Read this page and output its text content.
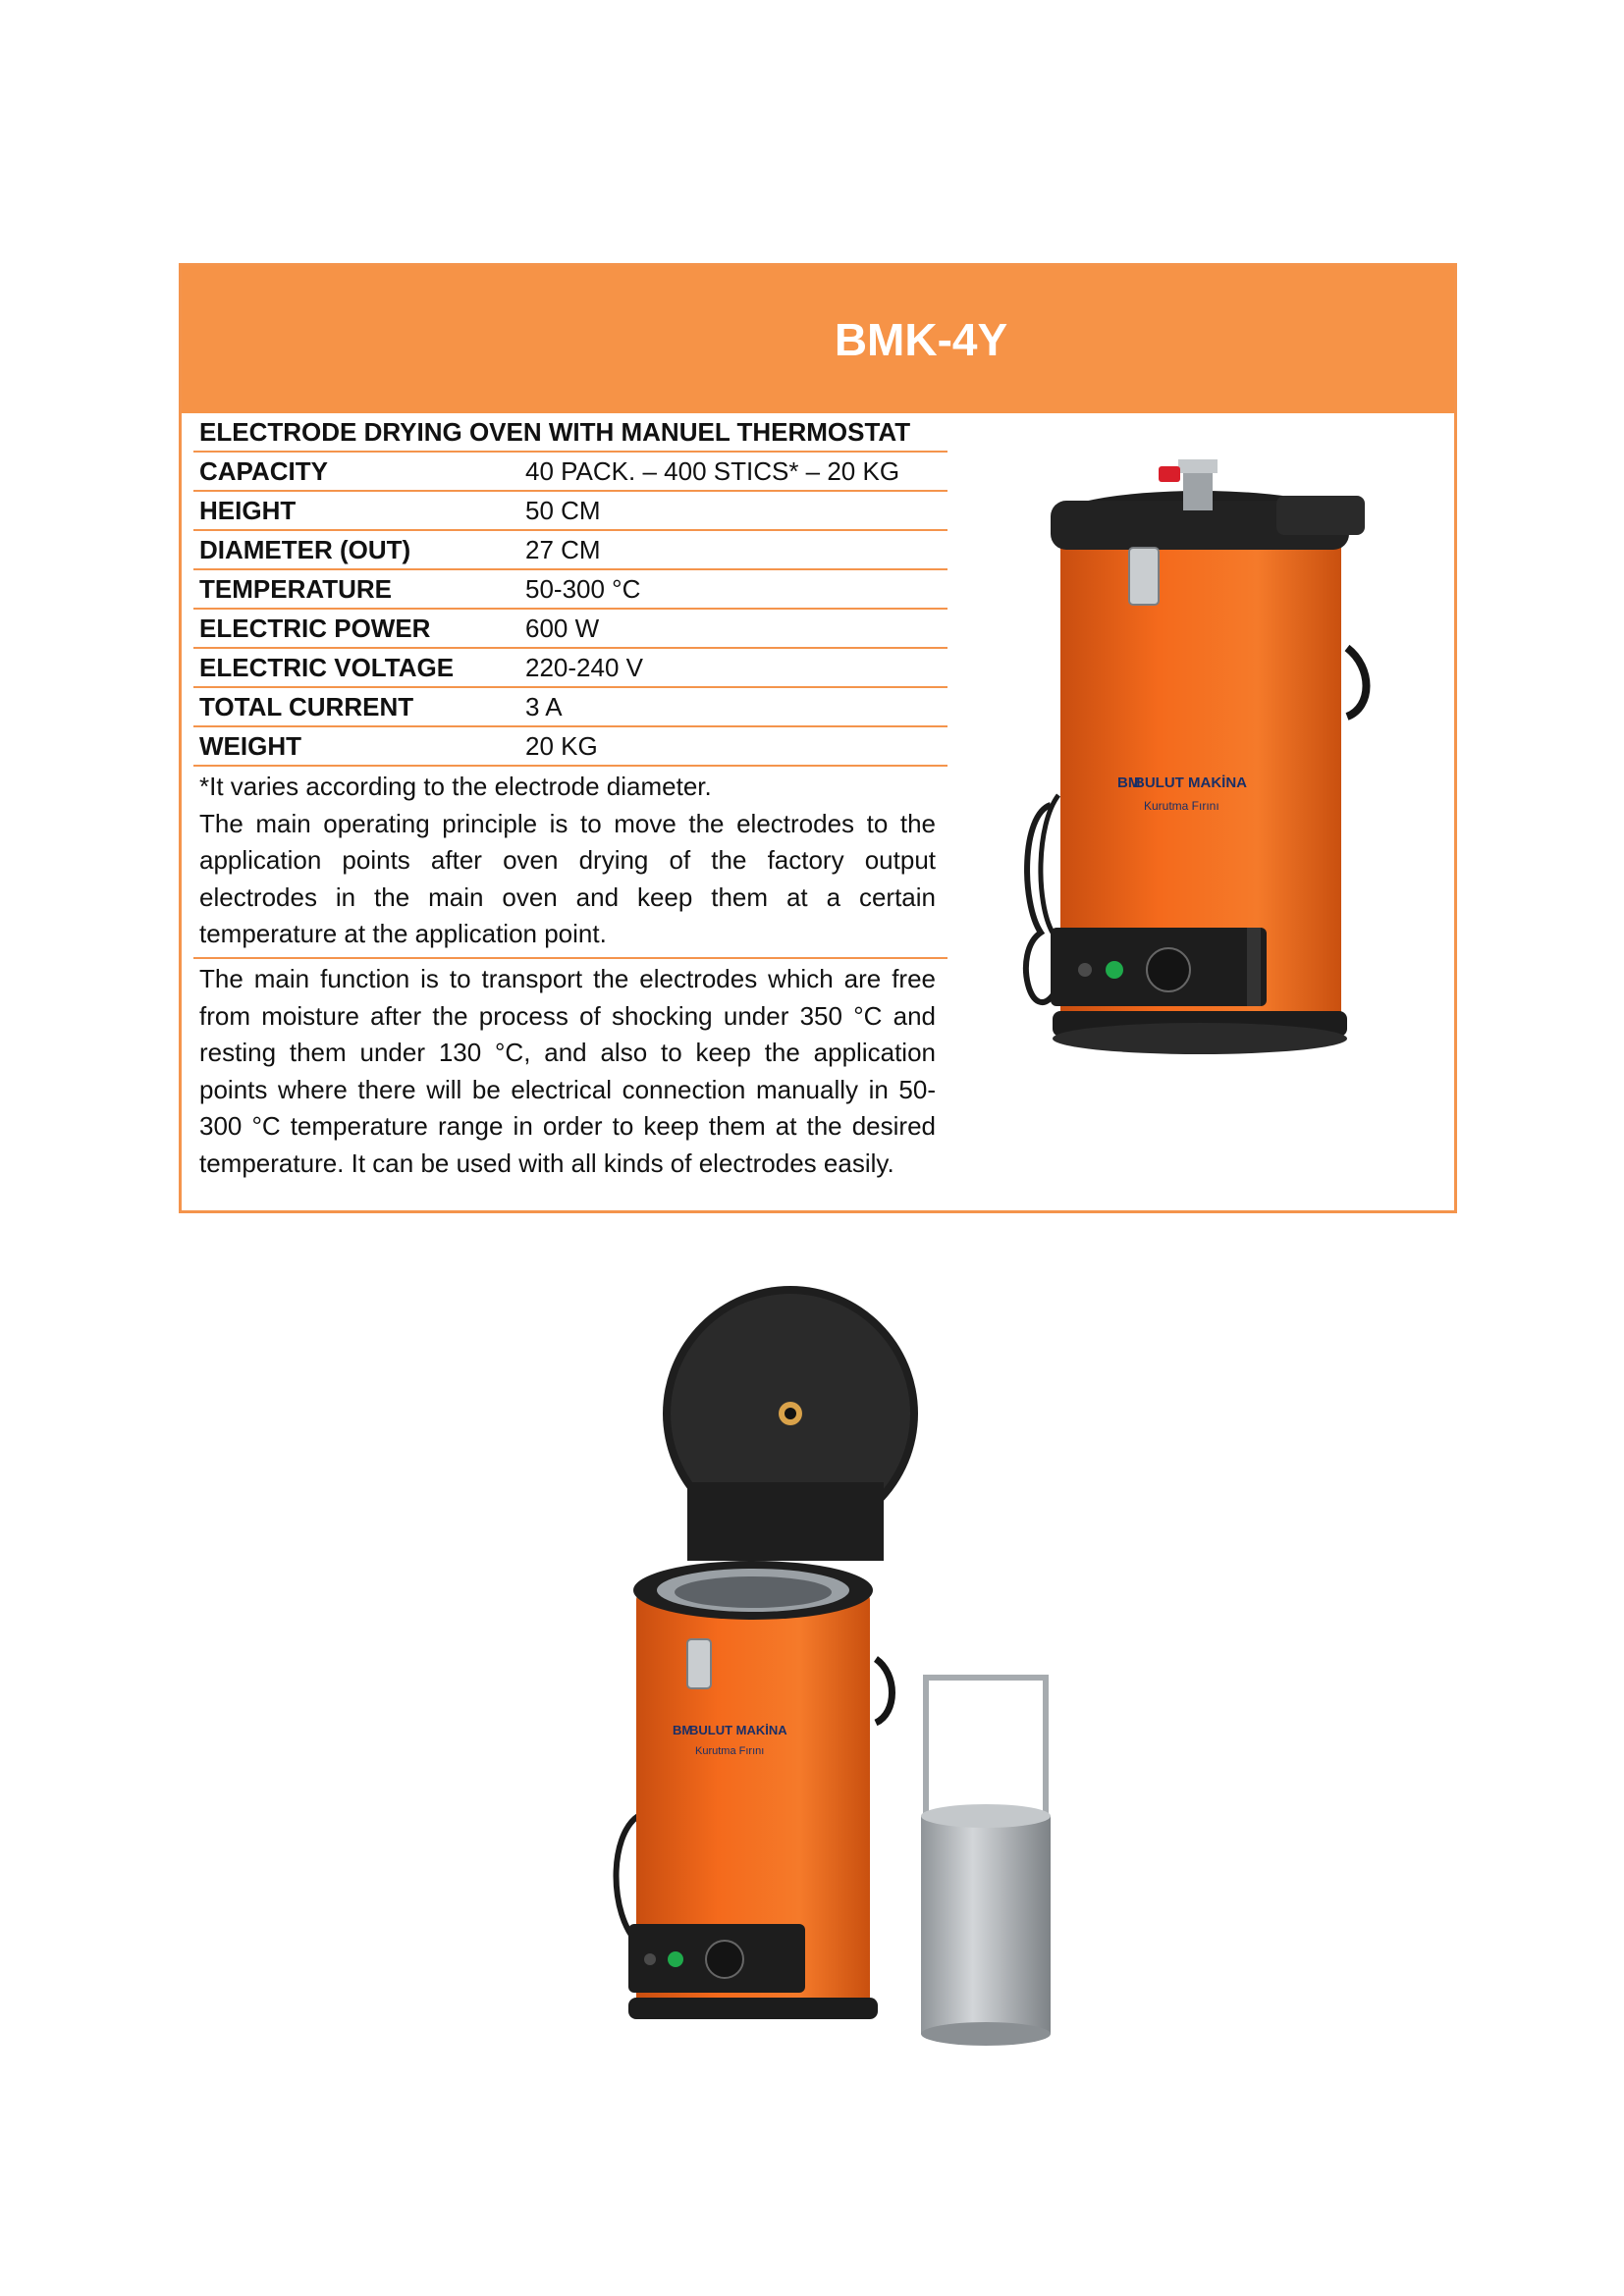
BMK-4Y
ELECTRODE DRYING OVEN WITH MANUEL THERMOSTAT
CAPACITY	40 PACK. – 400 STICS* – 20 KG
HEIGHT	50 CM
DIAMETER (OUT)	27 CM
TEMPERATURE	50-300 °C
ELECTRIC POWER	600 W
ELECTRIC VOLTAGE	220-240 V
TOTAL CURRENT	3 A
WEIGHT	20 KG
*It varies according to the electrode diameter.
The main operating principle is to move the electrodes to the application points after oven drying of the factory output electrodes in the main oven and keep them at a certain temperature at the application point.
The main function is to transport the electrodes which are free from moisture after the process of shocking under 350 °C and resting them under 130 °C, and also to keep the application points where there will be electrical connection manually in 50-300 °C temperature range in order to keep them at the desired temperature. It can be used with all kinds of electrodes easily.
BULUT MAKİNA
BM
Kurutma Fırını
BM
BULUT MAKİNA
Kurutma Fırını
